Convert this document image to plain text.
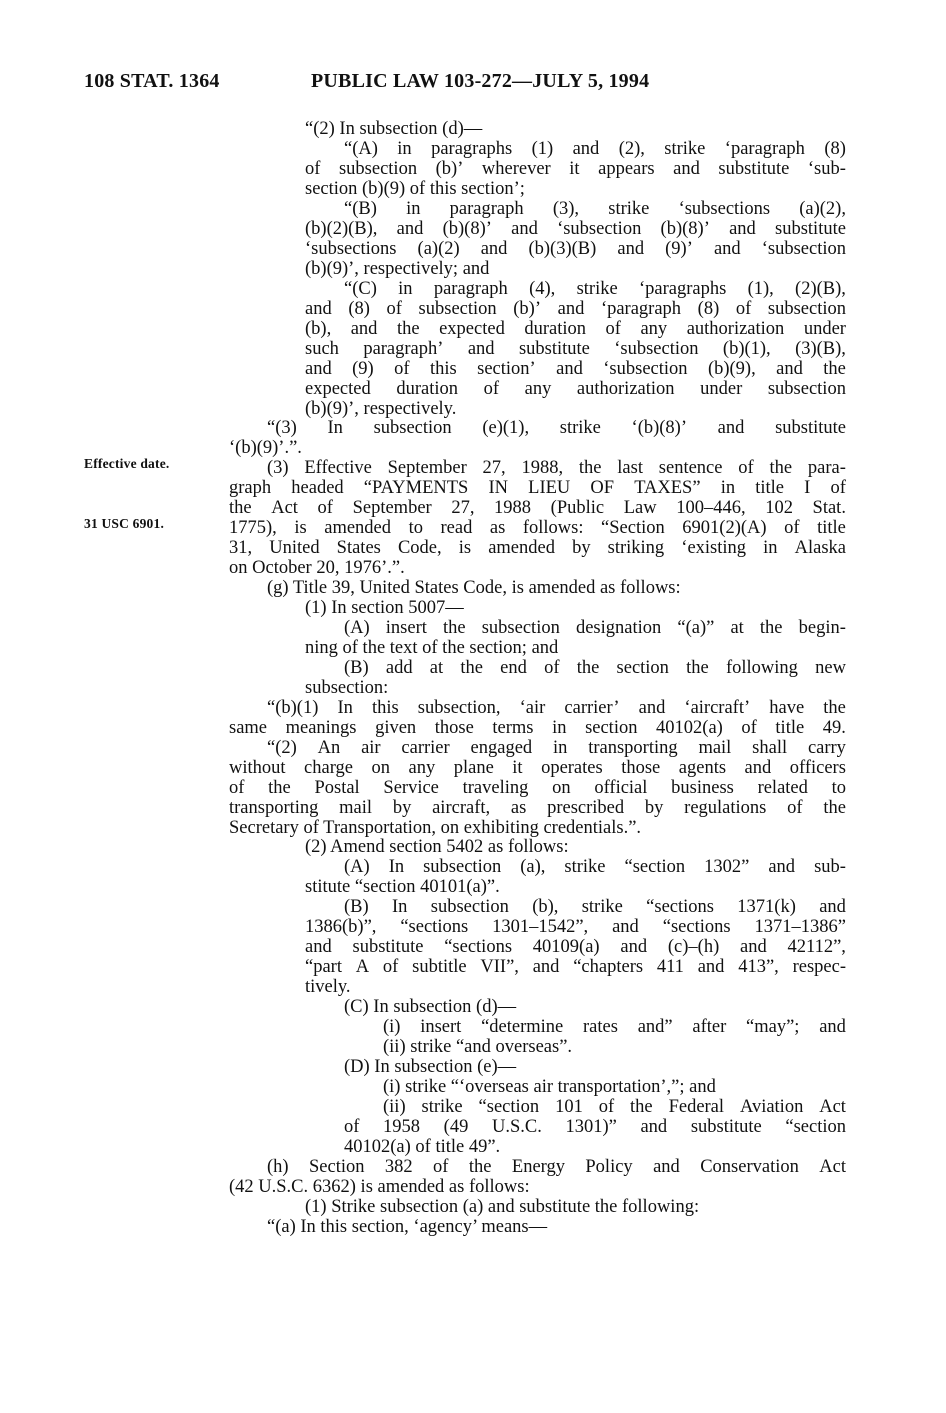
108 STAT. 1364	PUBLIC LAW 103-272—JULY 5, 1994
Effective date.
31 USC 6901.
“(2) In subsection (d)—
“(A) in paragraphs (1) and (2), strike ‘paragraph (8)
of subsection (b)’ wherever it appears and substitute ‘sub-
section (b)(9) of this section’;
“(B) in paragraph (3), strike ‘subsections (a)(2),
(b)(2)(B), and (b)(8)’ and ‘subsection (b)(8)’ and substitute
‘subsections (a)(2) and (b)(3)(B) and (9)’ and ‘subsection
(b)(9)’, respectively; and
“(C) in paragraph (4), strike ‘paragraphs (1), (2)(B),
and (8) of subsection (b)’ and ‘paragraph (8) of subsection
(b), and the expected duration of any authorization under
such paragraph’ and substitute ‘subsection (b)(1), (3)(B),
and (9) of this section’ and ‘subsection (b)(9), and the
expected duration of any authorization under subsection
(b)(9)’, respectively.
“(3) In subsection (e)(1), strike ‘(b)(8)’ and substitute
‘(b)(9)’.”.
(3) Effective September 27, 1988, the last sentence of the para-
graph headed “PAYMENTS IN LIEU OF TAXES” in title I of
the Act of September 27, 1988 (Public Law 100–446, 102 Stat.
1775), is amended to read as follows: “Section 6901(2)(A) of title
31, United States Code, is amended by striking ‘existing in Alaska
on October 20, 1976’.”.
(g) Title 39, United States Code, is amended as follows:
(1) In section 5007—
(A) insert the subsection designation “(a)” at the begin-
ning of the text of the section; and
(B) add at the end of the section the following new
subsection:
“(b)(1) In this subsection, ‘air carrier’ and ‘aircraft’ have the
same meanings given those terms in section 40102(a) of title 49.
“(2) An air carrier engaged in transporting mail shall carry
without charge on any plane it operates those agents and officers
of the Postal Service traveling on official business related to
transporting mail by aircraft, as prescribed by regulations of the
Secretary of Transportation, on exhibiting credentials.”.
(2) Amend section 5402 as follows:
(A) In subsection (a), strike “section 1302” and sub-
stitute “section 40101(a)”.
(B) In subsection (b), strike “sections 1371(k) and
1386(b)”, “sections 1301–1542”, and “sections 1371–1386”
and substitute “sections 40109(a) and (c)–(h) and 42112”,
“part A of subtitle VII”, and “chapters 411 and 413”, respec-
tively.
(C) In subsection (d)—
(i) insert “determine rates and” after “may”; and
(ii) strike “and overseas”.
(D) In subsection (e)—
(i) strike “‘overseas air transportation’,”; and
(ii) strike “section 101 of the Federal Aviation Act
of 1958 (49 U.S.C. 1301)” and substitute “section
40102(a) of title 49”.
(h) Section 382 of the Energy Policy and Conservation Act
(42 U.S.C. 6362) is amended as follows:
(1) Strike subsection (a) and substitute the following:
“(a) In this section, ‘agency’ means—
